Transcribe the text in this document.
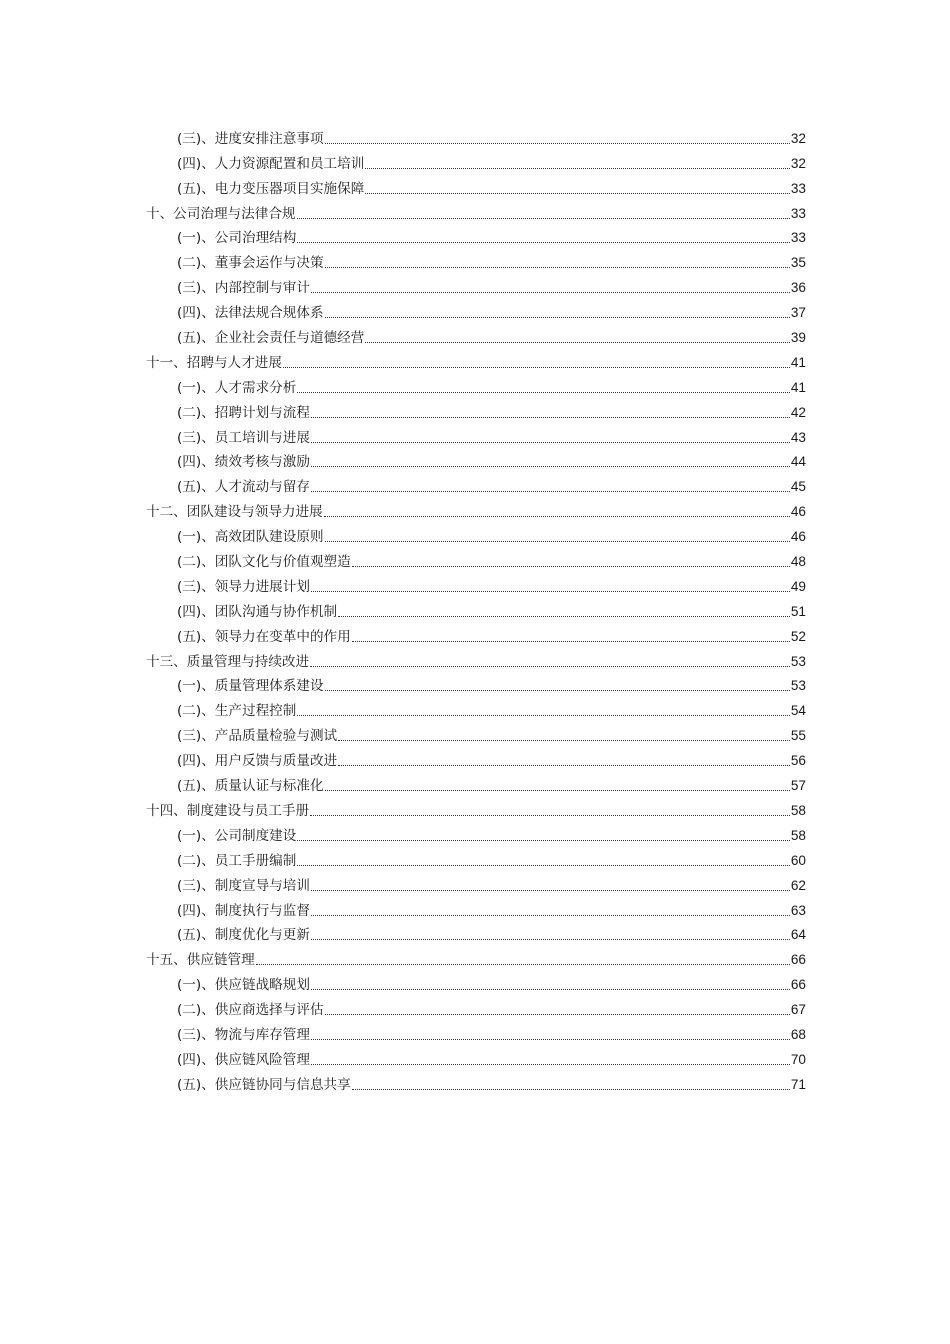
(三)、进度安排注意事项	32
(四)、人力资源配置和员工培训	32
(五)、电力变压器项目实施保障	33
十、公司治理与法律合规	33
(一)、公司治理结构	33
(二)、董事会运作与决策	35
(三)、内部控制与审计	36
(四)、法律法规合规体系	37
(五)、企业社会责任与道德经营	39
十一、招聘与人才进展	41
(一)、人才需求分析	41
(二)、招聘计划与流程	42
(三)、员工培训与进展	43
(四)、绩效考核与激励	44
(五)、人才流动与留存	45
十二、团队建设与领导力进展	46
(一)、高效团队建设原则	46
(二)、团队文化与价值观塑造	48
(三)、领导力进展计划	49
(四)、团队沟通与协作机制	51
(五)、领导力在变革中的作用	52
十三、质量管理与持续改进	53
(一)、质量管理体系建设	53
(二)、生产过程控制	54
(三)、产品质量检验与测试	55
(四)、用户反馈与质量改进	56
(五)、质量认证与标准化	57
十四、制度建设与员工手册	58
(一)、公司制度建设	58
(二)、员工手册编制	60
(三)、制度宣导与培训	62
(四)、制度执行与监督	63
(五)、制度优化与更新	64
十五、供应链管理	66
(一)、供应链战略规划	66
(二)、供应商选择与评估	67
(三)、物流与库存管理	68
(四)、供应链风险管理	70
(五)、供应链协同与信息共享	71
